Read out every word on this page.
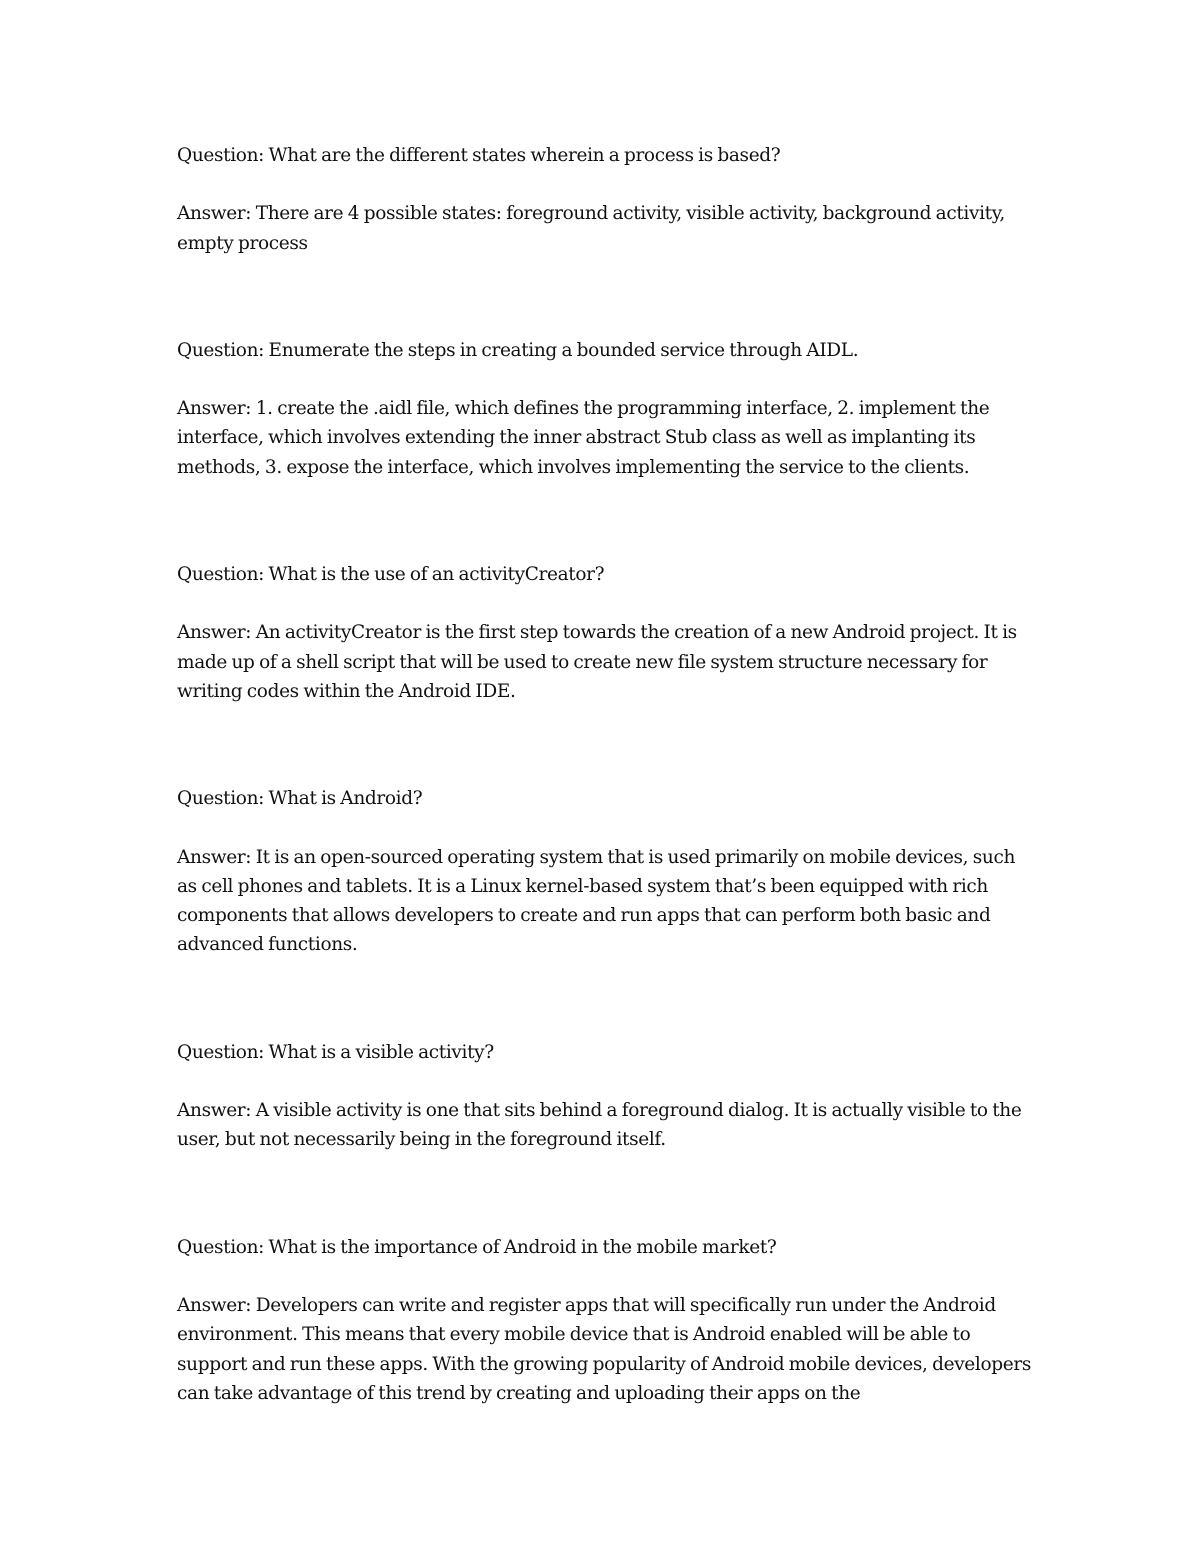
Question: What are the different states wherein a process is based?

Answer: There are 4 possible states: foreground activity, visible activity, background activity, empty process

Question: Enumerate the steps in creating a bounded service through AIDL.

Answer: 1. create the .aidl file, which defines the programming interface, 2. implement the interface, which involves extending the inner abstract Stub class as well as implanting its methods, 3. expose the interface, which involves implementing the service to the clients.

Question: What is the use of an activityCreator?

Answer: An activityCreator is the first step towards the creation of a new Android project. It is made up of a shell script that will be used to create new file system structure necessary for writing codes within the Android IDE.

Question: What is Android?

Answer: It is an open-sourced operating system that is used primarily on mobile devices, such as cell phones and tablets. It is a Linux kernel-based system that’s been equipped with rich components that allows developers to create and run apps that can perform both basic and advanced functions.

Question: What is a visible activity?

Answer: A visible activity is one that sits behind a foreground dialog. It is actually visible to the user, but not necessarily being in the foreground itself.

Question: What is the importance of Android in the mobile market?

Answer: Developers can write and register apps that will specifically run under the Android environment. This means that every mobile device that is Android enabled will be able to support and run these apps. With the growing popularity of Android mobile devices, developers can take advantage of this trend by creating and uploading their apps on the
